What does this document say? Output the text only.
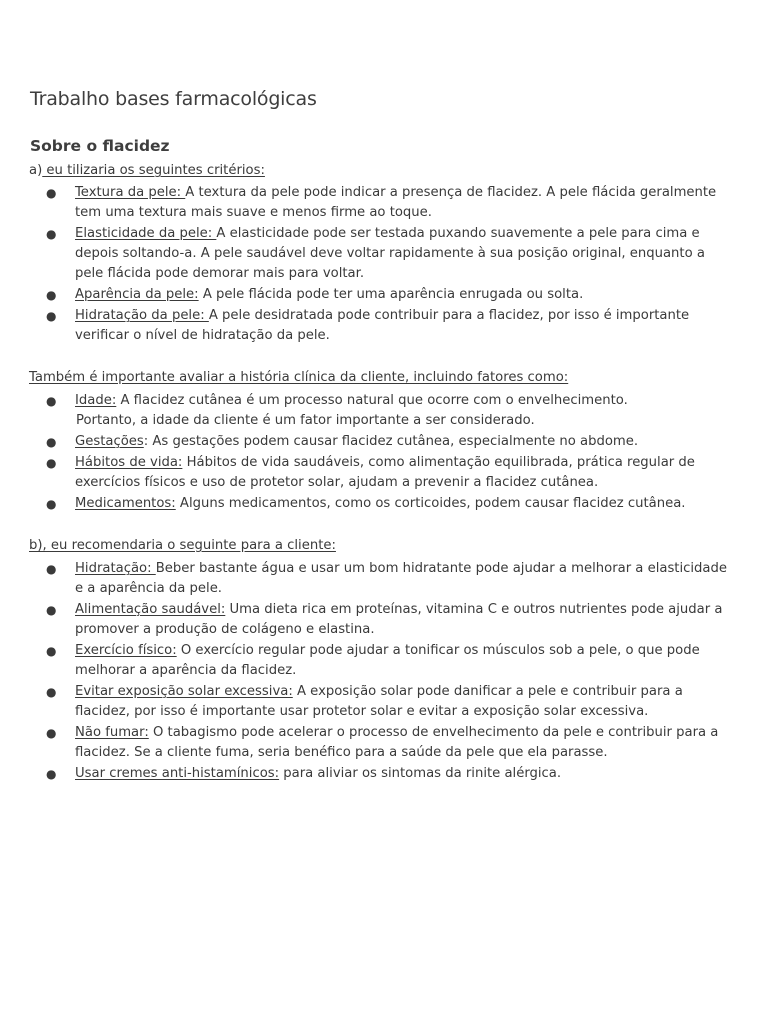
Trabalho bases farmacológicas
Sobre o flacidez
a) eu tilizaria os seguintes critérios:
● Textura da pele: A textura da pele pode indicar a presença de flacidez. A pele flácida geralmente tem uma textura mais suave e menos firme ao toque.
● Elasticidade da pele: A elasticidade pode ser testada puxando suavemente a pele para cima e depois soltando-a. A pele saudável deve voltar rapidamente à sua posição original, enquanto a pele flácida pode demorar mais para voltar.
● Aparência da pele: A pele flácida pode ter uma aparência enrugada ou solta.
● Hidratação da pele: A pele desidratada pode contribuir para a flacidez, por isso é importante verificar o nível de hidratação da pele.
Também é importante avaliar a história clínica da cliente, incluindo fatores como:
● Idade: A flacidez cutânea é um processo natural que ocorre com o envelhecimento.
Portanto, a idade da cliente é um fator importante a ser considerado.
● Gestações: As gestações podem causar flacidez cutânea, especialmente no abdome.
● Hábitos de vida: Hábitos de vida saudáveis, como alimentação equilibrada, prática regular de exercícios físicos e uso de protetor solar, ajudam a prevenir a flacidez cutânea.
● Medicamentos: Alguns medicamentos, como os corticoides, podem causar flacidez cutânea.
b), eu recomendaria o seguinte para a cliente:
● Hidratação: Beber bastante água e usar um bom hidratante pode ajudar a melhorar a elasticidade e a aparência da pele.
● Alimentação saudável: Uma dieta rica em proteínas, vitamina C e outros nutrientes pode ajudar a promover a produção de colágeno e elastina.
● Exercício físico: O exercício regular pode ajudar a tonificar os músculos sob a pele, o que pode melhorar a aparência da flacidez.
● Evitar exposição solar excessiva: A exposição solar pode danificar a pele e contribuir para a flacidez, por isso é importante usar protetor solar e evitar a exposição solar excessiva.
● Não fumar: O tabagismo pode acelerar o processo de envelhecimento da pele e contribuir para a flacidez. Se a cliente fuma, seria benéfico para a saúde da pele que ela parasse.
● Usar cremes anti-histamínicos: para aliviar os sintomas da rinite alérgica.
